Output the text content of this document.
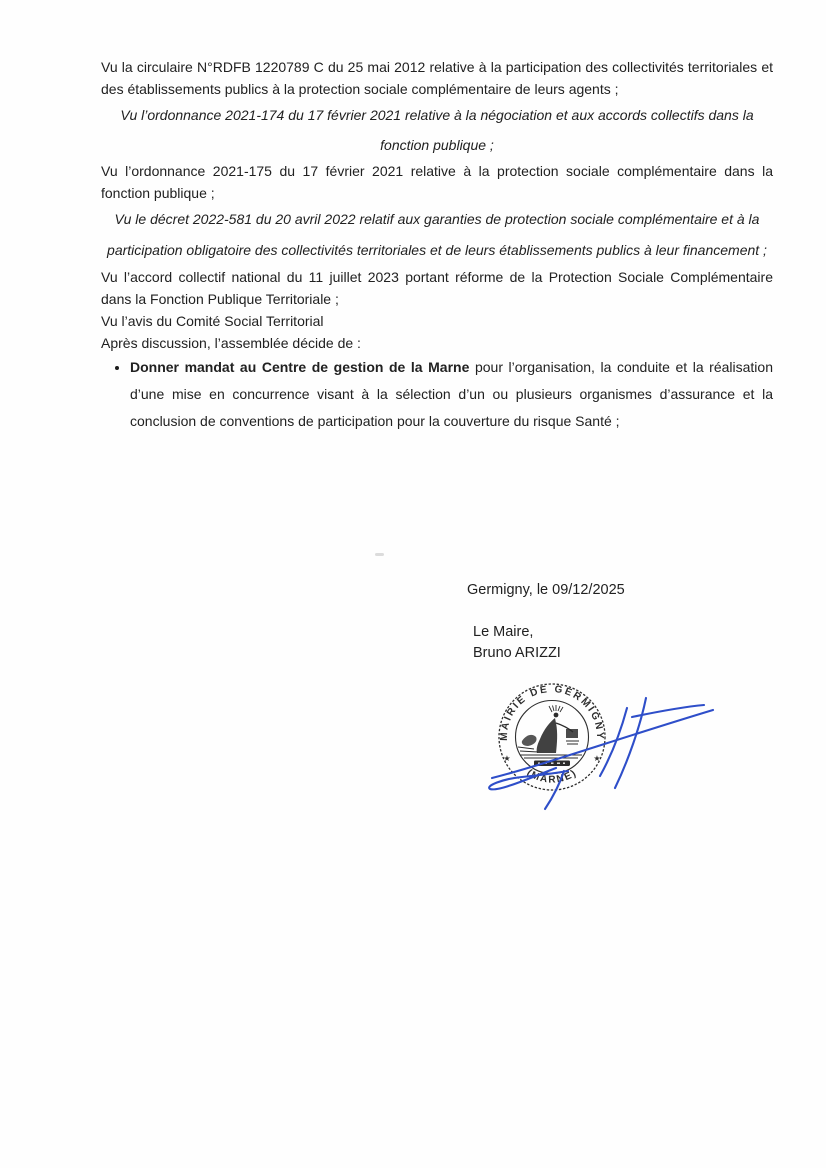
Vu la circulaire N°RDFB 1220789 C du 25 mai 2012 relative à la participation des collectivités territoriales et des établissements publics à la protection sociale complémentaire de leurs agents ;

Vu l’ordonnance 2021-174 du 17 février 2021 relative à la négociation et aux accords collectifs dans la fonction publique ;

Vu l’ordonnance 2021-175 du 17 février 2021 relative à la protection sociale complémentaire dans la fonction publique ;

Vu le décret 2022-581 du 20 avril 2022 relatif aux garanties de protection sociale complémentaire et à la participation obligatoire des collectivités territoriales et de leurs établissements publics à leur financement ;

Vu l’accord collectif national du 11 juillet 2023 portant réforme de la Protection Sociale Complémentaire dans la Fonction Publique Territoriale ;

Vu l’avis du Comité Social Territorial

Après discussion, l’assemblée décide de :

• Donner mandat au Centre de gestion de la Marne pour l’organisation, la conduite et la réalisation d’une mise en concurrence visant à la sélection d’un ou plusieurs organismes d’assurance et la conclusion de conventions de participation pour la couverture du risque Santé ;
Germigny, le 09/12/2025
Le Maire,
Bruno ARIZZI
MAIRIE DE GERMIGNY
(MARNE)
★	★
